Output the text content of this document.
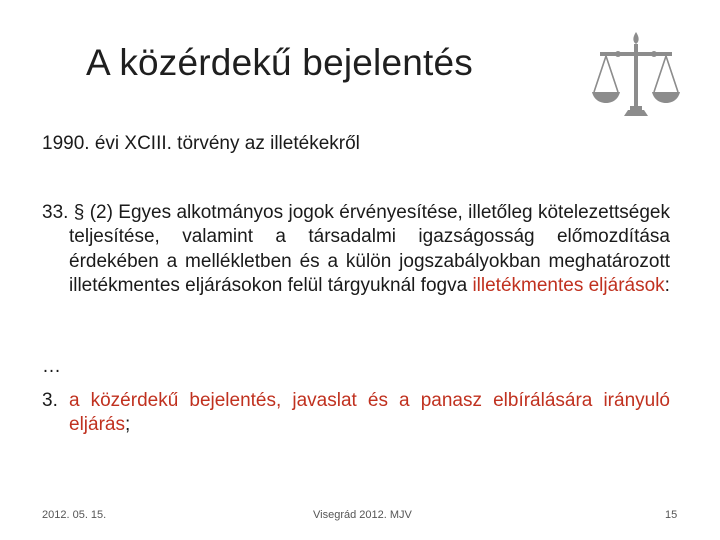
A közérdekű bejelentés
1990. évi XCIII. törvény az illetékekről
33. § (2) Egyes alkotmányos jogok érvényesítése, illetőleg kötelezettségek teljesítése, valamint a társadalmi igazságosság előmozdítása érdekében a mellékletben és a külön jogszabályokban meghatározott illetékmentes eljárásokon felül tárgyuknál fogva illetékmentes eljárások:
…
3. a közérdekű bejelentés, javaslat és a panasz elbírálására irányuló eljárás;
2012. 05. 15.	Visegrád 2012. MJV	15
